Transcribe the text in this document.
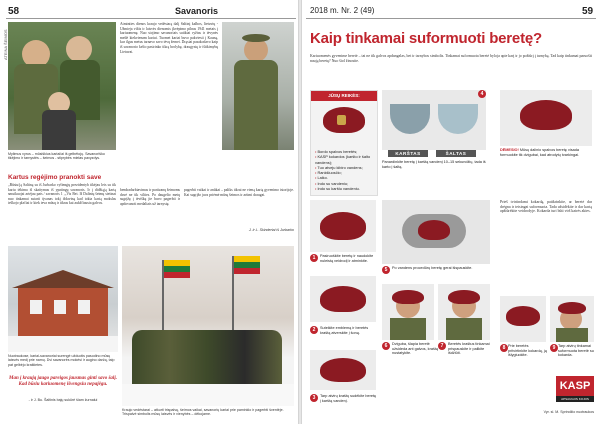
58	Savanoris
ATEINA ŠEIMOS
Mylimus vyrus – mūsiškius kariai/ai iš gelbėtojų. Savanoriško tikėjimo ir tarnystės – šeimos - stiprybės mielas pavyzdys.
Kartus regėjimo pranokti save
„Būsiu/ją Šaltiną su iš Jurbarko vylimųjų prezidentyb tikėjau leis su tik kariu tėkima iš skaitymus iš ypatingų savanoris. Ir į didžiąją kartą smuikuojai artėjau pats / savanoris 1 ,„Vis Bei. Iš Dalinių šeimų sietinai nuo tinkamai sutarti tįvanas tokį išdaviną kad tokia kartą mokslas ieškojo plačiai ir kiek ieva mūsų ir tikras kai aukščiausia galvos.
Atminties dienos kraujo vedėstarą dalį Šaltinį kalbos, lietuvių - Užmieja viltis ir laisvės dienomis įkvėpimo pilnas 1941 metais į kariuomenę. Nuo stojimo savanoriais sutiktai ryžtas ir tėvynės meilė kiekvienam kariui. Tuomet kariai buvo pakviesti į Kauną, kur ilgus metus tarnavo savo tėvų žemei. Drąsiai pasakodavo kaip iš savanorio kelio pasirinko tikrą brolybę, draugystę ir ištikimybę Lietuvai.
bendradarbiavimas ir partizanų šeimoms davė ne tik vilties. Po daugelio metų sugrįžę į tėviškę jie buvo pagerbti ir apdovanoti medaliais už tarnystę.
pagerbti vaikai ir anūkai – paliks tikrai ne vieną kartą gyvenimo istorijoje. Kai sugrįžo juos priėmė mūsų šeimos ir artimi draugai.
J. ir L. Skinderiai iš Jurbarko
Nuotraukose, kariai-savanoriai surengė užduotis pasodino mūsų laisvės medį prie namų. Dvi savanorės mokėsi ir augino daržą, taip pat gelbėjo kraštietes.
Man į kraują įaugo pareigos jausmas ginti savo šalį. Kad būsiu kariuomenę išvengsiu nepajėgu.
- ir J. Bu. Šaltinis bajų sukūrė šiam žurnalui
Kraujo vedėstarai – atkurti trispalvę, šeimos vaikai, savanorių kariai prie paminklo ir pagerbti šventėje. Trispalvė simbolis mūsų laisvės ir vienybės – dėkojame.
2018 m. Nr. 2 (49)	59
Kaip tinkamai suformuoti beretę?
Kariuomenės gyvenime beretė – tai ne tik galvos apdangalas, bet ir tarnybos simbolis. Tinkamai suformuota beretė byloja apie karį ir jo požiūrį į tarnybą. Tad kaip tinkamai paruošti naują beretę? Nuo šiol žinosite.
JŪSŲ REIKĖS:
• Bordo spalvos beretės;
• KASP kokardos (karšto ir šalto vandens);
• Tuo atveju kibiro vandens;
• Rankšluosčio;
• Laiko.
• Indo su vandeniu;
• Indo su karštu vandeniu.
KARŠTAS	ŠALTAS
4
Panardinkite beretę į karštą vandenį 10–15 sekundžių, tada iš karto į šaltą.
DĖMESIO! Mūsų dalinio spalvos beretę visada formuokite tik dvigubai, kad atrodytų tvarkingai.
1	Pasiruoškite beretę ir naudokite nuleistą veidrodį ir atminkite.
5	Po vandens procedūrų beretę gerai išspauskite.
Prieš tvirtindami kokardą, patikrinkite, ar beretė dar drėgna ir teisingai suformuota. Tada užsidėkite ir dar kartą apžiūrėkite veidrodyje. Kokarda turi būti virš kairės akies.
2	Suteikite emblemą ir beretės kraštą atverskite į šoną.
6	Dviguba, šlapia beretė užsideda ant galvos, kraštą nustatykite.
7	Beretės kraštus tinkamai prispauskite ir palikite išdžiūti.
8 Prie beretės pritvirtinkite kokardą, ją išlygiuokite.
9 Tarp atvirų tinkamai suformuota beretė su kokarda.
3	Tarp atvirų kraštų sudėkite beretę į karštą vandenį.
KASP
APSAUGOS KOJOS
Vyr. sl. M. Sprindžio nuotraukos
